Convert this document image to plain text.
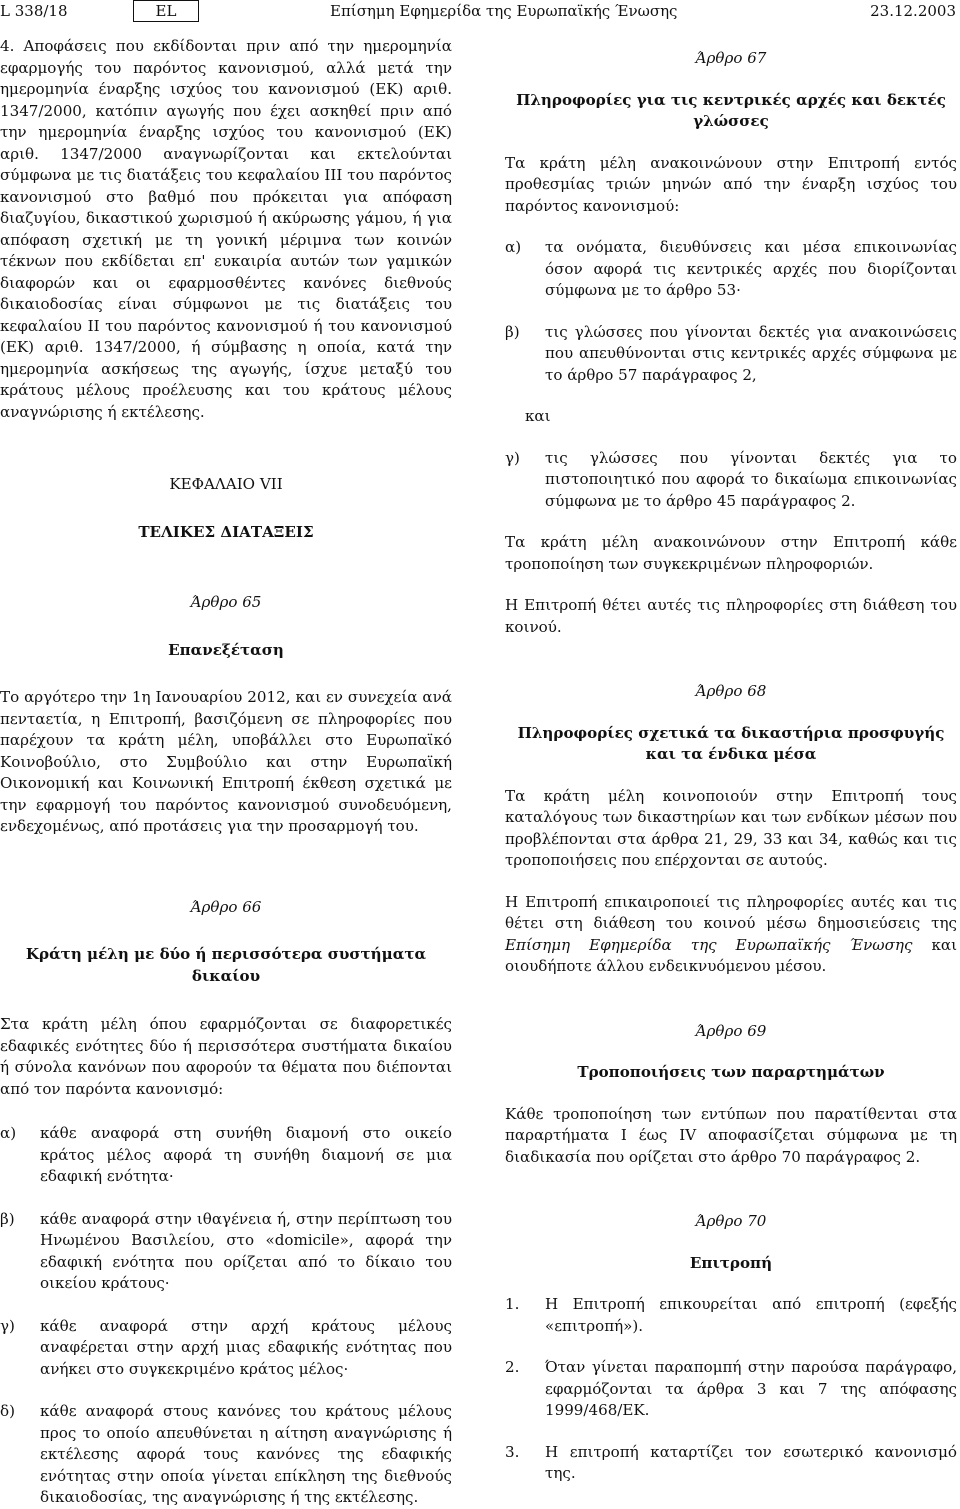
L 338/18	EL	Επίσημη Εφημερίδα της Ευρωπαϊκής Ένωσης	23.12.2003

4. Αποφάσεις που εκδίδονται πριν από την ημερομηνία εφαρμογής του παρόντος κανονισμού, αλλά μετά την ημερομηνία έναρξης ισχύος του κανονισμού (ΕΚ) αριθ. 1347/2000, κατόπιν αγωγής που έχει ασκηθεί πριν από την ημερομηνία έναρξης ισχύος του κανονισμού (ΕΚ) αριθ. 1347/2000 αναγνωρίζονται και εκτελούνται σύμφωνα με τις διατάξεις του κεφαλαίου III του παρόντος κανονισμού στο βαθμό που πρόκειται για απόφαση διαζυγίου, δικαστικού χωρισμού ή ακύρωσης γάμου, ή για απόφαση σχετική με τη γονική μέριμνα των κοινών τέκνων που εκδίδεται επ' ευκαιρία αυτών των γαμικών διαφορών και οι εφαρμοσθέντες κανόνες διεθνούς δικαιοδοσίας είναι σύμφωνοι με τις διατάξεις του κεφαλαίου II του παρόντος κανονισμού ή του κανονισμού (ΕΚ) αριθ. 1347/2000, ή σύμβασης η οποία, κατά την ημερομηνία ασκήσεως της αγωγής, ίσχυε μεταξύ του κράτους μέλους προέλευσης και του κράτους μέλους αναγνώρισης ή εκτέλεσης.

ΚΕΦΑΛΑΙΟ VII

ΤΕΛΙΚΕΣ ΔΙΑΤΑΞΕΙΣ

Άρθρο 65

Επανεξέταση

Το αργότερο την 1η Ιανουαρίου 2012, και εν συνεχεία ανά πενταετία, η Επιτροπή, βασιζόμενη σε πληροφορίες που παρέχουν τα κράτη μέλη, υποβάλλει στο Ευρωπαϊκό Κοινοβούλιο, στο Συμβούλιο και στην Ευρωπαϊκή Οικονομική και Κοινωνική Επιτροπή έκθεση σχετικά με την εφαρμογή του παρόντος κανονισμού συνοδευόμενη, ενδεχομένως, από προτάσεις για την προσαρμογή του.

Άρθρο 66

Κράτη μέλη με δύο ή περισσότερα συστήματα δικαίου

Στα κράτη μέλη όπου εφαρμόζονται σε διαφορετικές εδαφικές ενότητες δύο ή περισσότερα συστήματα δικαίου ή σύνολα κανόνων που αφορούν τα θέματα που διέπονται από τον παρόντα κανονισμό:

α) κάθε αναφορά στη συνήθη διαμονή στο οικείο κράτος μέλος αφορά τη συνήθη διαμονή σε μια εδαφική ενότητα·
β) κάθε αναφορά στην ιθαγένεια ή, στην περίπτωση του Ηνωμένου Βασιλείου, στο «domicile», αφορά την εδαφική ενότητα που ορίζεται από το δίκαιο του οικείου κράτους·
γ) κάθε αναφορά στην αρχή κράτους μέλους αναφέρεται στην αρχή μιας εδαφικής ενότητας που ανήκει στο συγκεκριμένο κράτος μέλος·
δ) κάθε αναφορά στους κανόνες του κράτους μέλους προς το οποίο απευθύνεται η αίτηση αναγνώρισης ή εκτέλεσης αφορά τους κανόνες της εδαφικής ενότητας στην οποία γίνεται επίκληση της διεθνούς δικαιοδοσίας, της αναγνώρισης ή της εκτέλεσης.

Άρθρο 67

Πληροφορίες για τις κεντρικές αρχές και δεκτές γλώσσες

Τα κράτη μέλη ανακοινώνουν στην Επιτροπή εντός προθεσμίας τριών μηνών από την έναρξη ισχύος του παρόντος κανονισμού:

α) τα ονόματα, διευθύνσεις και μέσα επικοινωνίας όσον αφορά τις κεντρικές αρχές που διορίζονται σύμφωνα με το άρθρο 53·
β) τις γλώσσες που γίνονται δεκτές για ανακοινώσεις που απευθύνονται στις κεντρικές αρχές σύμφωνα με το άρθρο 57 παράγραφος 2,

και

γ) τις γλώσσες που γίνονται δεκτές για το πιστοποιητικό που αφορά το δικαίωμα επικοινωνίας σύμφωνα με το άρθρο 45 παράγραφος 2.

Τα κράτη μέλη ανακοινώνουν στην Επιτροπή κάθε τροποποίηση των συγκεκριμένων πληροφοριών.

Η Επιτροπή θέτει αυτές τις πληροφορίες στη διάθεση του κοινού.

Άρθρο 68

Πληροφορίες σχετικά τα δικαστήρια προσφυγής και τα ένδικα μέσα

Τα κράτη μέλη κοινοποιούν στην Επιτροπή τους καταλόγους των δικαστηρίων και των ενδίκων μέσων που προβλέπονται στα άρθρα 21, 29, 33 και 34, καθώς και τις τροποποιήσεις που επέρχονται σε αυτούς.

Η Επιτροπή επικαιροποιεί τις πληροφορίες αυτές και τις θέτει στη διάθεση του κοινού μέσω δημοσιεύσεις της Επίσημη Εφημερίδα της Ευρωπαϊκής Ένωσης και οιουδήποτε άλλου ενδεικνυόμενου μέσου.

Άρθρο 69

Τροποποιήσεις των παραρτημάτων

Κάθε τροποποίηση των εντύπων που παρατίθενται στα παραρτήματα I έως IV αποφασίζεται σύμφωνα με τη διαδικασία που ορίζεται στο άρθρο 70 παράγραφος 2.

Άρθρο 70

Επιτροπή

1. Η Επιτροπή επικουρείται από επιτροπή (εφεξής «επιτροπή»).
2. Όταν γίνεται παραπομπή στην παρούσα παράγραφο, εφαρμόζονται τα άρθρα 3 και 7 της απόφασης 1999/468/ΕΚ.
3. Η επιτροπή καταρτίζει τον εσωτερικό κανονισμό της.
